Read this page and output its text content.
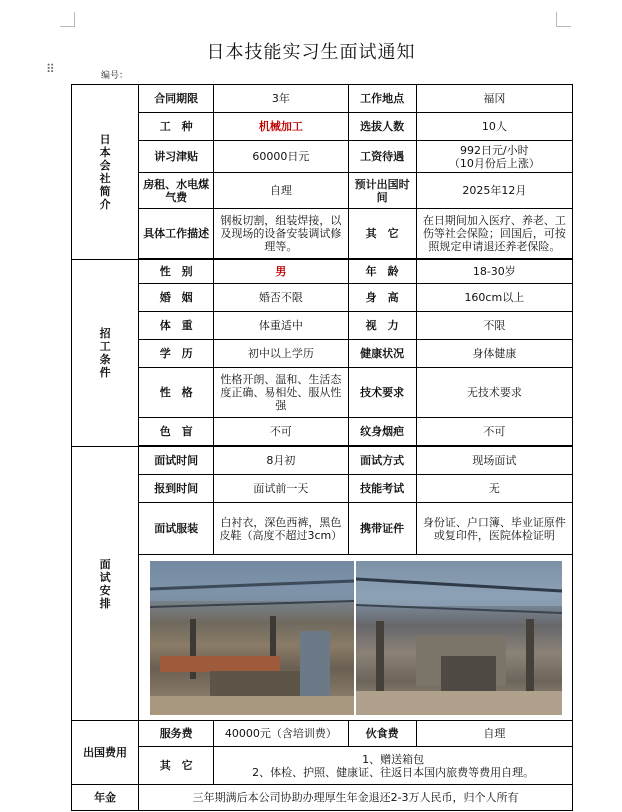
⠿
日本技能实习生面试通知
编号：
日本会社简介	合同期限	3年	工作地点	福冈
	工　种	机械加工	选拔人数	10人
	讲习津贴	60000日元	工资待遇	992日元/小时
（10月份后上涨）

	房租、水电煤气费	自理	预计出国时间	2025年12月
	具体工作描述	钢板切割，组装焊接，以及现场的设备安装调试修理等。	其　它	在日期间加入医疗、养老、工伤等社会保险；回国后，可按照规定申请退还养老保险。

招工条件	性　别	男	年　龄	18-30岁
	婚　姻	婚否不限	身　高	160cm以上
	体　重	体重适中	视　力	不限
	学　历	初中以上学历	健康状况	身体健康
	性　格	性格开朗、温和、生活态度正确、易相处、服从性强	技术要求	无技术要求
	色　盲	不可	纹身烟疤	不可

面试安排	面试时间	8月初	面试方式	现场面试
	报到时间	面试前一天	技能考试	无
	面试服装	白衬衣，深色西裤，黑色皮鞋（高度不超过3cm）	携带证件	身份证、户口簿、毕业证原件或复印件，医院体检证明

出国费用	服务费	40000元（含培训费）	伙食费	自理
	其　它	1、赠送箱包
2、体检、护照、健康证、往返日本国内旅费等费用自理。		

年金	三年期满后本公司协助办理厚生年金退还2-3万人民币，归个人所有			
